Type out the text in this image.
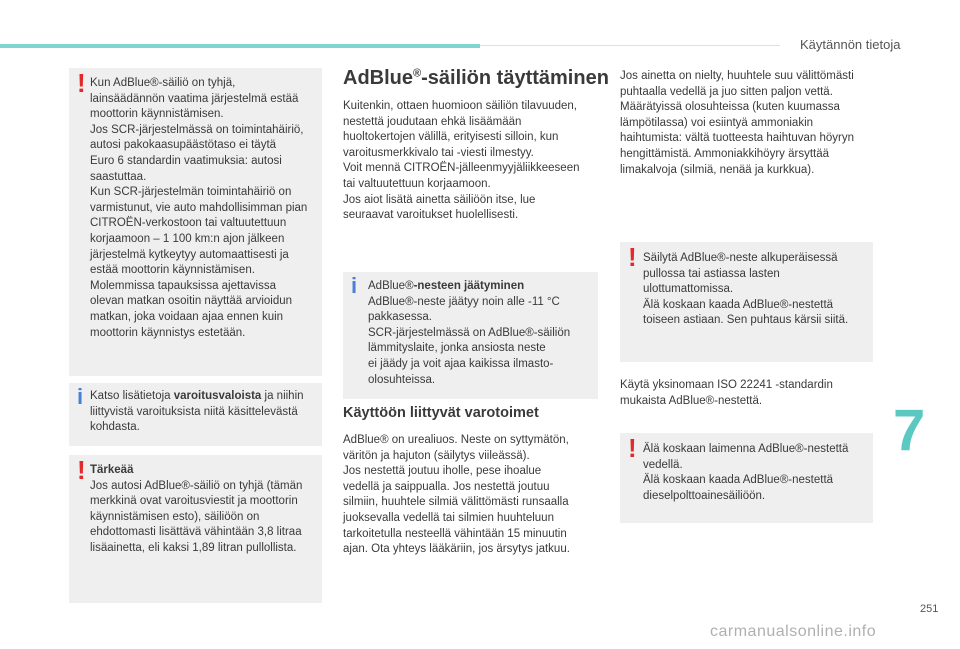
Käytännön tietoja
7
251
carmanualsonline.info
! Kun AdBlue®-säiliö on tyhjä,
lainsäädännön vaatima järjestelmä estää
moottorin käynnistämisen.
Jos SCR-järjestelmässä on toimintahäiriö,
autosi pakokaasupäästötaso ei täytä
Euro 6 standardin vaatimuksia: autosi
saastuttaa.
Kun SCR-järjestelmän toimintahäiriö on
varmistunut, vie auto mahdollisimman pian
CITROËN-verkostoon tai valtuutettuun
korjaamoon – 1 100 km:n ajon jälkeen
järjestelmä kytkeytyy automaattisesti ja
estää moottorin käynnistämisen.
Molemmissa tapauksissa ajettavissa
olevan matkan osoitin näyttää arvioidun
matkan, joka voidaan ajaa ennen kuin
moottorin käynnistys estetään.

i Katso lisätietoja varoitusvaloista ja niihin
liittyvistä varoituksista niitä käsittelevästä
kohdasta.

! Tärkeää

Jos autosi AdBlue®-säiliö on tyhjä (tämän
merkkinä ovat varoitusviestit ja moottorin
käynnistämisen esto), säiliöön on
ehdottomasti lisättävä vähintään 3,8 litraa
lisäainetta, eli kaksi 1,89 litran pullollista.

AdBlue®-säiliön täyttäminen

Kuitenkin, ottaen huomioon säiliön tilavuuden,
nestettä joudutaan ehkä lisäämään
huoltokertojen välillä, erityisesti silloin, kun
varoitusmerkkivalo tai -viesti ilmestyy.
Voit mennä CITROËN-jälleenmyyjäliikkeeseen
tai valtuutettuun korjaamoon.
Jos aiot lisätä ainetta säiliöön itse, lue
seuraavat varoitukset huolellisesti.

i AdBlue®-nesteen jäätyminen

AdBlue®-neste jäätyy noin alle -11 °C
pakkasessa.
SCR-järjestelmässä on AdBlue®-säiliön
lämmityslaite, jonka ansiosta neste
ei jäädy ja voit ajaa kaikissa ilmasto-
olosuhteissa.

Käyttöön liittyvät varotoimet

AdBlue® on urealiuos. Neste on syttymätön,
väritön ja hajuton (säilytys viileässä).
Jos nestettä joutuu iholle, pese ihoalue
vedellä ja saippualla. Jos nestettä joutuu
silmiin, huuhtele silmiä välittömästi runsaalla
juoksevalla vedellä tai silmien huuhteluun
tarkoitetulla nesteellä vähintään 15 minuutin
ajan. Ota yhteys lääkäriin, jos ärsytys jatkuu.

Jos ainetta on nielty, huuhtele suu välittömästi
puhtaalla vedellä ja juo sitten paljon vettä.
Määrätyissä olosuhteissa (kuten kuumassa
lämpötilassa) voi esiintyä ammoniakin
haihtumista: vältä tuotteesta haihtuvan höyryn
hengittämistä. Ammoniakkihöyry ärsyttää
limakalvoja (silmiä, nenää ja kurkkua).

! Säilytä AdBlue®-neste alkuperäisessä
pullossa tai astiassa lasten
ulottumattomissa.
Älä koskaan kaada AdBlue®-nestettä
toiseen astiaan. Sen puhtaus kärsii siitä.

Käytä yksinomaan ISO 22241 -standardin
mukaista AdBlue®-nestettä.

! Älä koskaan laimenna AdBlue®-nestettä
vedellä.
Älä koskaan kaada AdBlue®-nestettä
dieselpolttoainesäiliöön.
